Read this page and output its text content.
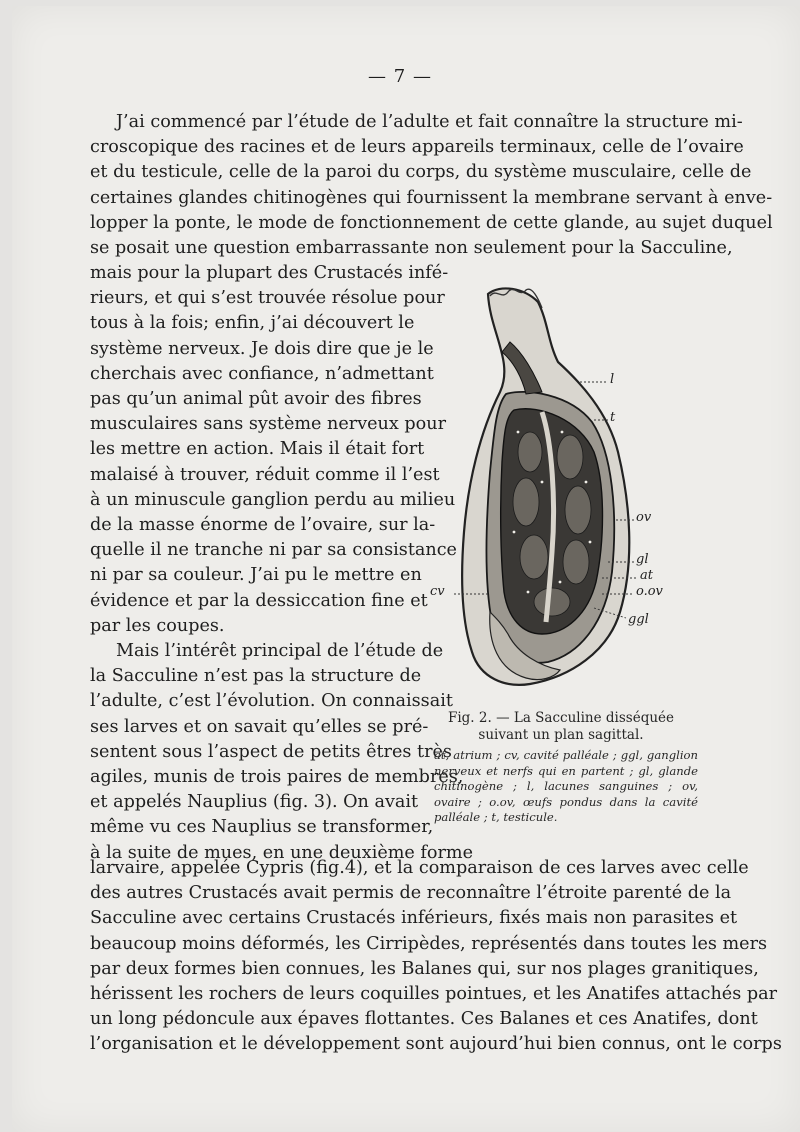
— 7 —
J’ai commencé par l’étude de l’adulte et fait connaître la structure mi-
croscopique des racines et de leurs appareils terminaux, celle de l’ovaire
et du testicule, celle de la paroi du corps, du système musculaire, celle de
certaines glandes chitinogènes qui fournissent la membrane servant à enve-
lopper la ponte, le mode de fonctionnement de cette glande, au sujet duquel
se posait une question embarrassante non seulement pour la Sacculine,
mais pour la plupart des Crustacés infé-
rieurs, et qui s’est trouvée résolue pour
tous à la fois; enfin, j’ai découvert le
système nerveux. Je dois dire que je le
cherchais avec confiance, n’admettant
pas qu’un animal pût avoir des fibres
musculaires sans système nerveux pour
les mettre en action. Mais il était fort
malaisé à trouver, réduit comme il l’est
à un minuscule ganglion perdu au milieu
de la masse énorme de l’ovaire, sur la-
quelle il ne tranche ni par sa consistance
ni par sa couleur. J’ai pu le mettre en
évidence et par la dessiccation fine et
par les coupes.
Mais l’intérêt principal de l’étude de
la Sacculine n’est pas la structure de
l’adulte, c’est l’évolution. On connaissait
ses larves et on savait qu’elles se pré-
sentent sous l’aspect de petits êtres très
agiles, munis de trois paires de membres,
et appelés Nauplius (fig. 3). On avait
même vu ces Nauplius se transformer,
à la suite de mues, en une deuxième forme
l
t
ov
gl
at
o.ov
ggl
cv
Fig. 2. — La Sacculine disséquée suivant un plan sagittal.
at, atrium ; cv, cavité palléale ; ggl, ganglion nerveux et nerfs qui en partent ; gl, glande chitinogène ; l, lacunes sanguines ; ov, ovaire ; o.ov, œufs pondus dans la cavité palléale ; t, testicule.
larvaire, appelée Cypris (fig.4), et la comparaison de ces larves avec celle
des autres Crustacés avait permis de reconnaître l’étroite parenté de la
Sacculine avec certains Crustacés inférieurs, fixés mais non parasites et
beaucoup moins déformés, les Cirripèdes, représentés dans toutes les mers
par deux formes bien connues, les Balanes qui, sur nos plages granitiques,
hérissent les rochers de leurs coquilles pointues, et les Anatifes attachés par
un long pédoncule aux épaves flottantes. Ces Balanes et ces Anatifes, dont
l’organisation et le développement sont aujourd’hui bien connus, ont le corps
